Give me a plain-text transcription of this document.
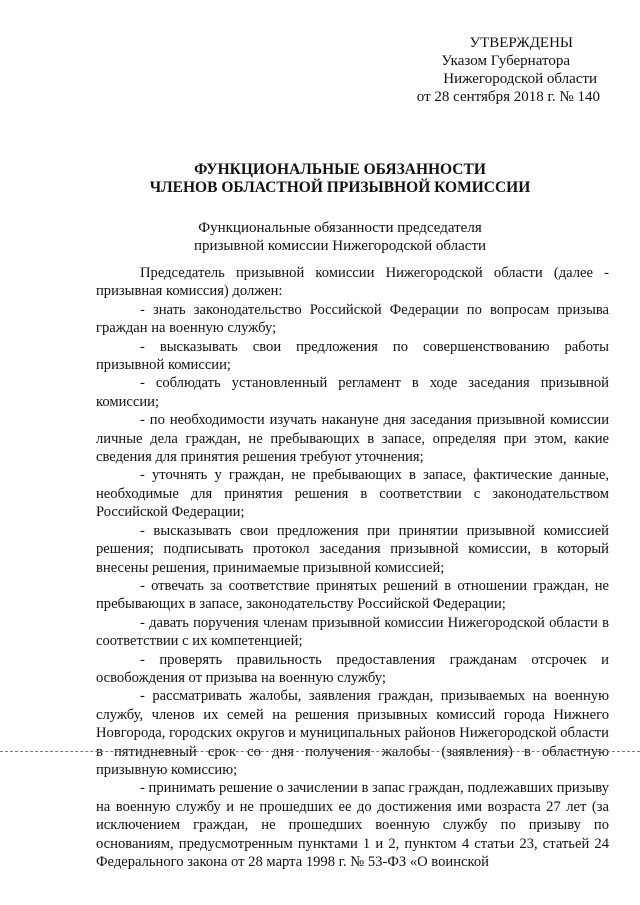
УТВЕРЖДЕНЫ
Указом Губернатора
Нижегородской области
от 28 сентября 2018 г. № 140
ФУНКЦИОНАЛЬНЫЕ ОБЯЗАННОСТИ
ЧЛЕНОВ ОБЛАСТНОЙ ПРИЗЫВНОЙ КОМИССИИ
Функциональные обязанности председателя
призывной комиссии Нижегородской области

Председатель призывной комиссии Нижегородской области (далее - призывная комиссия) должен:

- знать законодательство Российской Федерации по вопросам призыва граждан на военную службу;

- высказывать свои предложения по совершенствованию работы призывной комиссии;

- соблюдать установленный регламент в ходе заседания призывной комиссии;

- по необходимости изучать накануне дня заседания призывной комиссии личные дела граждан, не пребывающих в запасе, определяя при этом, какие сведения для принятия решения требуют уточнения;

- уточнять у граждан, не пребывающих в запасе, фактические данные, необходимые для принятия решения в соответствии с законодательством Российской Федерации;

- высказывать свои предложения при принятии призывной комиссией решения; подписывать протокол заседания призывной комиссии, в который внесены решения, принимаемые призывной комиссией;

- отвечать за соответствие принятых решений в отношении граждан, не пребывающих в запасе, законодательству Российской Федерации;

- давать поручения членам призывной комиссии Нижегородской области в соответствии с их компетенцией;

- проверять правильность предоставления гражданам отсрочек и освобождения от призыва на военную службу;

- рассматривать жалобы, заявления граждан, призываемых на военную службу, членов их семей на решения призывных комиссий города Нижнего Новгорода, городских округов и муниципальных районов Нижегородской области в пятидневный срок со дня получения жалобы (заявления) в областную призывную комиссию;

- принимать решение о зачислении в запас граждан, подлежавших призыву на военную службу и не прошедших ее до достижения ими возраста 27 лет (за исключением граждан, не прошедших военную службу по призыву по основаниям, предусмотренным пунктами 1 и 2, пунктом 4 статьи 23, статьей 24 Федерального закона от 28 марта 1998 г. № 53-ФЗ «О воинской
